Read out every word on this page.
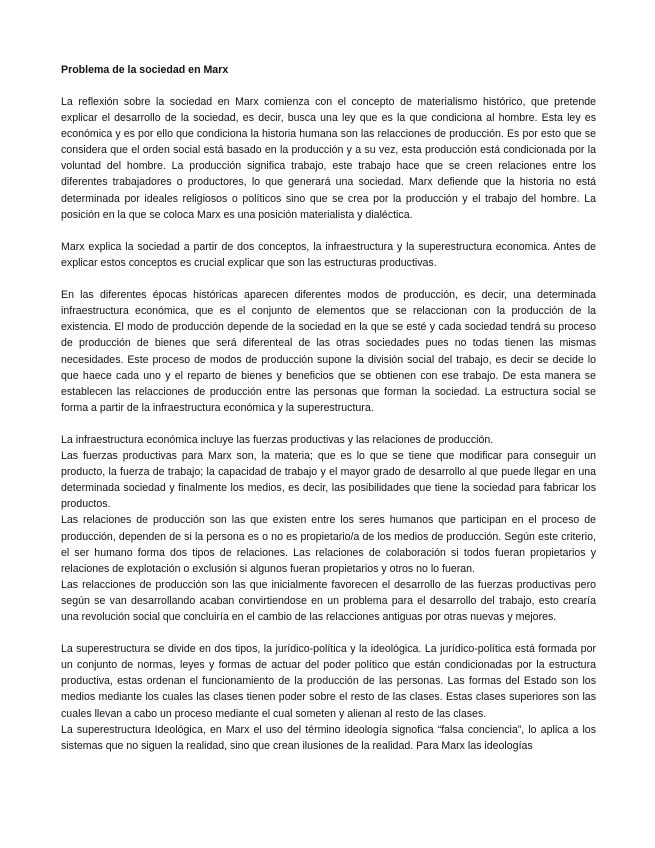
Problema de la sociedad en Marx

La reflexión sobre la sociedad en Marx comienza con el concepto de materialismo histórico, que pretende explicar el desarrollo de la sociedad, es decir, busca una ley que es la que condiciona al hombre. Esta ley es económica y es por ello que condiciona la historia humana son las relacciones de producción. Es por esto que se considera que el orden social está basado en la producción y a su vez, esta producción está condicionada por la voluntad del hombre. La producción significa trabajo, este trabajo hace que se creen relaciones entre los diferentes trabajadores o productores, lo que generará una sociedad. Marx defiende que la historia no está determinada por ideales religiosos o políticos sino que se crea por la producción y el trabajo del hombre. La posición en la que se coloca Marx es una posición materialista y dialéctica.

Marx explica la sociedad a partir de dos conceptos, la infraestructura y la superestructura economica. Antes de explicar estos conceptos es crucial explicar que son las estructuras productivas.

En las diferentes épocas históricas aparecen diferentes modos de producción, es decir, una determinada infraestructura económica, que es el conjunto de elementos que se relaccionan con la producción de la existencia. El modo de producción depende de la sociedad en la que se esté y cada sociedad tendrá su proceso de producción de bienes que será diferenteal de las otras sociedades pues no todas tienen las mismas necesidades. Este proceso de modos de producción supone la división social del trabajo, es decir se decide lo que haece cada uno y el reparto de bienes y beneficios que se obtienen con ese trabajo. De esta manera se establecen las relacciones de producción entre las personas que forman la sociedad. La estructura social se forma a partir de la infraestructura económica y la superestructura.

La infraestructura económica incluye las fuerzas productivas y las relaciones de producción.

Las fuerzas productivas para Marx son, la materia; que es lo que se tiene que modificar para conseguir un producto, la fuerza de trabajo; la capacidad de trabajo y el mayor grado de desarrollo al que puede llegar en una determinada sociedad y finalmente los medios, es decir, las posibilidades que tiene la sociedad para fabricar los productos.

Las relaciones de producción son las que existen entre los seres humanos que participan en el proceso de producción, dependen de si la persona es o no es propietario/a de los medios de producción. Según este criterio, el ser humano forma dos tipos de relaciones. Las relaciones de colaboración si todos fueran propietarios y relaciones de explotación o exclusión si algunos fueran propietarios y otros no lo fueran.

Las relacciones de producción son las que inicialmente favorecen el desarrollo de las fuerzas productivas pero según se van desarrollando acaban convirtiendose en un problema para el desarrollo del trabajo, esto crearía una revolución social que concluiría en el cambio de las relacciones antiguas por otras nuevas y mejores.

La superestructura se divide en dos tipos, la jurídico-política y la ideológica. La jurídico-política está formada por un conjunto de normas, leyes y formas de actuar del poder político que están condicionadas por la estructura productiva, estas ordenan el funcionamiento de la producción de las personas. Las formas del Estado son los medios mediante los cuales las clases tienen poder sobre el resto de las clases. Estas clases superiores son las cuales llevan a cabo un proceso mediante el cual someten y alienan al resto de las clases.

La superestructura Ideológica, en Marx el uso del término ideología signofica “falsa conciencia”, lo aplica a los sistemas que no siguen la realidad, sino que crean ilusiones de la realidad. Para Marx las ideologías
